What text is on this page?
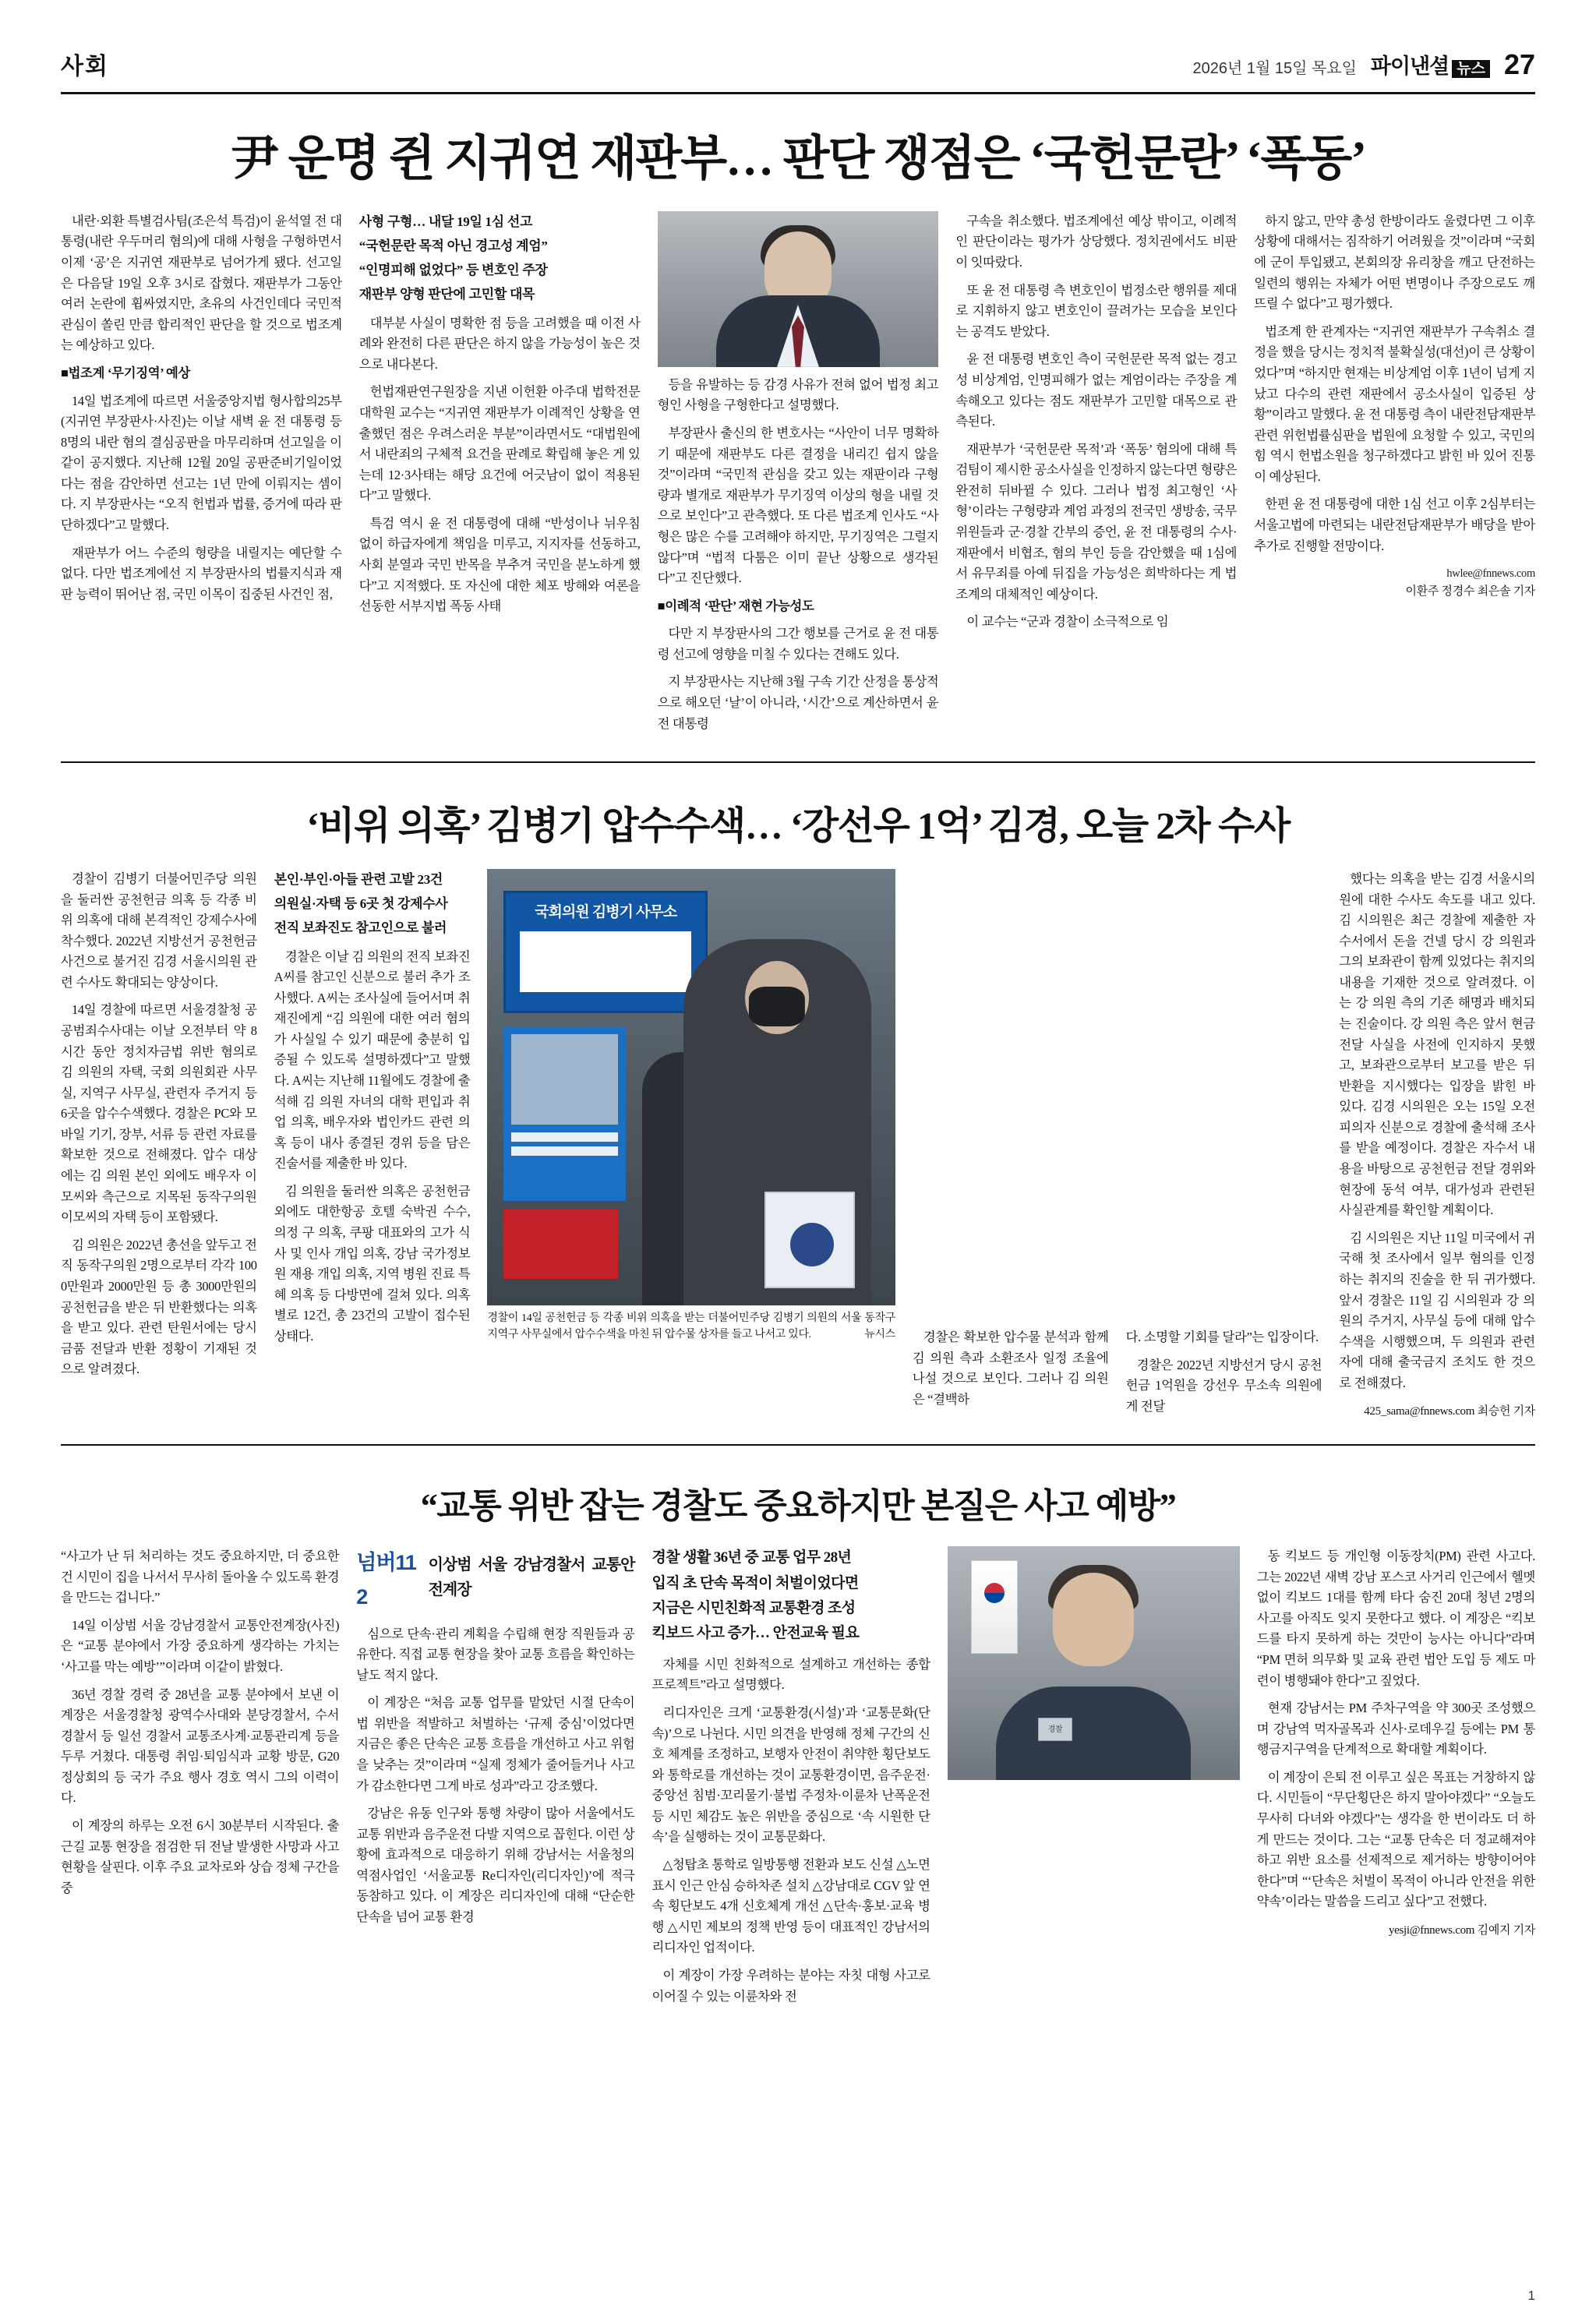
사회	2026년 1월 15일 목요일 파이낸셜 뉴스 27
尹 운명 쥔 지귀연 재판부… 판단 쟁점은 ‘국헌문란’ ‘폭동’

내란·외환 특별검사팀(조은석 특검)이 윤석열 전 대통령(내란 우두머리 혐의)에 대해 사형을 구형하면서 이제 ‘공’은 지귀연 재판부로 넘어가게 됐다. 선고일은 다음달 19일 오후 3시로 잡혔다. 재판부가 그동안 여러 논란에 휩싸였지만, 초유의 사건인데다 국민적 관심이 쏠린 만큼 합리적인 판단을 할 것으로 법조계는 예상하고 있다.

■법조계 ‘무기징역’ 예상

14일 법조계에 따르면 서울중앙지법 형사합의25부(지귀연 부장판사·사진)는 이날 새벽 윤 전 대통령 등 8명의 내란 혐의 결심공판을 마무리하며 선고일을 이 같이 공지했다. 지난해 12월 20일 공판준비기일이었다는 점을 감안하면 선고는 1년 만에 이뤄지는 셈이다. 지 부장판사는 “오직 헌법과 법률, 증거에 따라 판단하겠다”고 말했다.

재판부가 어느 수준의 형량을 내릴지는 예단할 수 없다. 다만 법조계에선 지 부장판사의 법률지식과 재판 능력이 뛰어난 점, 국민 이목이 집중된 사건인 점,

사형 구형… 내달 19일 1심 선고
“국헌문란 목적 아닌 경고성 계엄”
“인명피해 없었다” 등 변호인 주장
재판부 양형 판단에 고민할 대목

대부분 사실이 명확한 점 등을 고려했을 때 이전 사례와 완전히 다른 판단은 하지 않을 가능성이 높은 것으로 내다본다.

헌법재판연구원장을 지낸 이헌환 아주대 법학전문대학원 교수는 “지귀연 재판부가 이례적인 상황을 연출했던 점은 우려스러운 부분”이라면서도 “대법원에서 내란죄의 구체적 요건을 판례로 확립해 놓은 게 있는데 12·3사태는 해당 요건에 어긋남이 없이 적용된다”고 말했다.

특검 역시 윤 전 대통령에 대해 “반성이나 뉘우침 없이 하급자에게 책임을 미루고, 지지자를 선동하고, 사회 분열과 국민 반목을 부추겨 국민을 분노하게 했다”고 지적했다. 또 자신에 대한 체포 방해와 여론을 선동한 서부지법 폭동 사태

등을 유발하는 등 감경 사유가 전혀 없어 법정 최고형인 사형을 구형한다고 설명했다.

부장판사 출신의 한 변호사는 “사안이 너무 명확하기 때문에 재판부도 다른 결정을 내리긴 쉽지 않을 것”이라며 “국민적 관심을 갖고 있는 재판이라 구형량과 별개로 재판부가 무기징역 이상의 형을 내릴 것으로 보인다”고 관측했다. 또 다른 법조계 인사도 “사형은 많은 수를 고려해야 하지만, 무기징역은 그럴지 않다”며 “법적 다툼은 이미 끝난 상황으로 생각된다”고 진단했다.

■이례적 ‘판단’ 재현 가능성도

다만 지 부장판사의 그간 행보를 근거로 윤 전 대통령 선고에 영향을 미칠 수 있다는 견해도 있다.

지 부장판사는 지난해 3월 구속 기간 산정을 통상적으로 해오던 ‘날’이 아니라, ‘시간’으로 계산하면서 윤 전 대통령

구속을 취소했다. 법조계에선 예상 밖이고, 이례적인 판단이라는 평가가 상당했다. 정치권에서도 비판이 잇따랐다.

또 윤 전 대통령 측 변호인이 법정소란 행위를 제대로 지휘하지 않고 변호인이 끌려가는 모습을 보인다는 공격도 받았다.

윤 전 대통령 변호인 측이 국헌문란 목적 없는 경고성 비상계엄, 인명피해가 없는 계엄이라는 주장을 계속해오고 있다는 점도 재판부가 고민할 대목으로 관측된다.

재판부가 ‘국헌문란 목적’과 ‘폭동’ 혐의에 대해 특검팀이 제시한 공소사실을 인정하지 않는다면 형량은 완전히 뒤바뀔 수 있다. 그러나 법정 최고형인 ‘사형’이라는 구형량과 계엄 과정의 전국민 생방송, 국무위원들과 군·경찰 간부의 증언, 윤 전 대통령의 수사·재판에서 비협조, 혐의 부인 등을 감안했을 때 1심에서 유무죄를 아예 뒤집을 가능성은 희박하다는 게 법조계의 대체적인 예상이다.

이 교수는 “군과 경찰이 소극적으로 임

하지 않고, 만약 총성 한방이라도 울렸다면 그 이후 상황에 대해서는 짐작하기 어려웠을 것”이라며 “국회에 군이 투입됐고, 본회의장 유리창을 깨고 단전하는 일련의 행위는 자체가 어떤 변명이나 주장으로도 깨뜨릴 수 없다”고 평가했다.

법조계 한 관계자는 “지귀연 재판부가 구속취소 결정을 했을 당시는 정치적 불확실성(대선)이 큰 상황이었다”며 “하지만 현재는 비상계엄 이후 1년이 넘게 지났고 다수의 관련 재판에서 공소사실이 입증된 상황”이라고 말했다. 윤 전 대통령 측이 내란전담재판부 관련 위헌법률심판을 법원에 요청할 수 있고, 국민의힘 역시 헌법소원을 청구하겠다고 밝힌 바 있어 진통이 예상된다.

한편 윤 전 대통령에 대한 1심 선고 이후 2심부터는 서울고법에 마련되는 내란전담재판부가 배당을 받아 추가로 진행할 전망이다.

hwlee@fnnews.com
이환주 정경수 최은솔 기자
‘비위 의혹’ 김병기 압수수색… ‘강선우 1억’ 김경, 오늘 2차 수사

경찰이 김병기 더불어민주당 의원을 둘러싼 공천헌금 의혹 등 각종 비위 의혹에 대해 본격적인 강제수사에 착수했다. 2022년 지방선거 공천헌금 사건으로 불거진 김경 서울시의원 관련 수사도 확대되는 양상이다.

14일 경찰에 따르면 서울경찰청 공공범죄수사대는 이날 오전부터 약 8시간 동안 정치자금법 위반 혐의로 김 의원의 자택, 국회 의원회관 사무실, 지역구 사무실, 관련자 주거지 등 6곳을 압수수색했다. 경찰은 PC와 모바일 기기, 장부, 서류 등 관련 자료를 확보한 것으로 전해졌다. 압수 대상에는 김 의원 본인 외에도 배우자 이모씨와 측근으로 지목된 동작구의원 이모씨의 자택 등이 포함됐다.

김 의원은 2022년 총선을 앞두고 전직 동작구의원 2명으로부터 각각 1000만원과 2000만원 등 총 3000만원의 공천헌금을 받은 뒤 반환했다는 의혹을 받고 있다. 관련 탄원서에는 당시 금품 전달과 반환 정황이 기재된 것으로 알려졌다.

본인·부인·아들 관련 고발 23건
의원실·자택 등 6곳 첫 강제수사
전직 보좌진도 참고인으로 불러

경찰은 이날 김 의원의 전직 보좌진 A씨를 참고인 신분으로 불러 추가 조사했다. A씨는 조사실에 들어서며 취재진에게 “김 의원에 대한 여러 혐의가 사실일 수 있기 때문에 충분히 입증될 수 있도록 설명하겠다”고 말했다. A씨는 지난해 11월에도 경찰에 출석해 김 의원 자녀의 대학 편입과 취업 의혹, 배우자와 법인카드 관련 의혹 등이 내사 종결된 경위 등을 담은 진술서를 제출한 바 있다.

김 의원을 둘러싼 의혹은 공천헌금 외에도 대한항공 호텔 숙박권 수수, 의정 구 의혹, 쿠팡 대표와의 고가 식사 및 인사 개입 의혹, 강남 국가정보원 재용 개입 의혹, 지역 병원 진료 특혜 의혹 등 다방면에 걸쳐 있다. 의혹별로 12건, 총 23건의 고발이 접수된 상태다.

국회의원 김병기 사무소
경찰이 14일 공천헌금 등 각종 비위 의혹을 받는 더불어민주당 김병기 의원의 서울 동작구 지역구 사무실에서 압수수색을 마친 뒤 압수물 상자를 들고 나서고 있다.	뉴시스	경찰은 확보한 압수물 분석과 함께 김 의원 측과 소환조사 일정 조율에 나설 것으로 보인다. 그러나 김 의원은 “결백하

다. 소명할 기회를 달라”는 입장이다.

경찰은 2022년 지방선거 당시 공천헌금 1억원을 강선우 무소속 의원에게 전달

했다는 의혹을 받는 김경 서울시의원에 대한 수사도 속도를 내고 있다. 김 시의원은 최근 경찰에 제출한 자수서에서 돈을 건넬 당시 강 의원과 그의 보좌관이 함께 있었다는 취지의 내용을 기재한 것으로 알려졌다. 이는 강 의원 측의 기존 해명과 배치되는 진술이다. 강 의원 측은 앞서 현금 전달 사실을 사전에 인지하지 못했고, 보좌관으로부터 보고를 받은 뒤 반환을 지시했다는 입장을 밝힌 바 있다. 김경 시의원은 오는 15일 오전 피의자 신분으로 경찰에 출석해 조사를 받을 예정이다. 경찰은 자수서 내용을 바탕으로 공천헌금 전달 경위와 현장에 동석 여부, 대가성과 관련된 사실관계를 확인할 계획이다.

김 시의원은 지난 11일 미국에서 귀국해 첫 조사에서 일부 혐의를 인정하는 취지의 진술을 한 뒤 귀가했다. 앞서 경찰은 11일 김 시의원과 강 의원의 주거지, 사무실 등에 대해 압수수색을 시행했으며, 두 의원과 관련자에 대해 출국금지 조치도 한 것으로 전해졌다.

425_sama@fnnews.com 최승헌 기자
“교통 위반 잡는 경찰도 중요하지만 본질은 사고 예방”

“사고가 난 뒤 처리하는 것도 중요하지만, 더 중요한 건 시민이 집을 나서서 무사히 돌아올 수 있도록 환경을 만드는 겁니다.”

14일 이상범 서울 강남경찰서 교통안전계장(사진)은 “교통 분야에서 가장 중요하게 생각하는 가치는 ‘사고를 막는 예방’”이라며 이같이 밝혔다.

36년 경찰 경력 중 28년을 교통 분야에서 보낸 이 계장은 서울경찰청 광역수사대와 분당경찰서, 수서경찰서 등 일선 경찰서 교통조사계·교통관리계 등을 두루 거쳤다. 대통령 취임·퇴임식과 교황 방문, G20 정상회의 등 국가 주요 행사 경호 역시 그의 이력이다.

이 계장의 하루는 오전 6시 30분부터 시작된다. 출근길 교통 현장을 점검한 뒤 전날 발생한 사망과 사고 현황을 살핀다. 이후 주요 교차로와 상습 정체 구간을 중

넘버112
이상범 서울 강남경찰서 교통안전계장

심으로 단속·관리 계획을 수립해 현장 직원들과 공유한다. 직접 교통 현장을 찾아 교통 흐름을 확인하는 날도 적지 않다.

이 계장은 “처음 교통 업무를 맡았던 시절 단속이 법 위반을 적발하고 처벌하는 ‘규제 중심’이었다면 지금은 좋은 단속은 교통 흐름을 개선하고 사고 위험을 낮추는 것”이라며 “실제 정체가 줄어들거나 사고가 감소한다면 그게 바로 성과”라고 강조했다.

강남은 유동 인구와 통행 차량이 많아 서울에서도 교통 위반과 음주운전 다발 지역으로 꼽힌다. 이런 상황에 효과적으로 대응하기 위해 강남서는 서울청의 역점사업인 ‘서울교통 Re디자인(리디자인)’에 적극 동참하고 있다. 이 계장은 리디자인에 대해 “단순한 단속을 넘어 교통 환경

경찰 생활 36년 중 교통 업무 28년
입직 초 단속 목적이 처벌이었다면
지금은 시민친화적 교통환경 조성
킥보드 사고 증가… 안전교육 필요

자체를 시민 친화적으로 설계하고 개선하는 종합 프로젝트”라고 설명했다.

리디자인은 크게 ‘교통환경(시설)’과 ‘교통문화(단속)’으로 나뉜다. 시민 의견을 반영해 정체 구간의 신호 체계를 조정하고, 보행자 안전이 취약한 횡단보도와 통학로를 개선하는 것이 교통환경이면, 음주운전·중앙선 침범·꼬리물기·불법 주정차·이륜차 난폭운전 등 시민 체감도 높은 위반을 중심으로 ‘속 시원한 단속’을 실행하는 것이 교통문화다.

△청탑초 통학로 일방통행 전환과 보도 신설 △노면표시 인근 안심 승하차존 설치 △강남대로 CGV 앞 연속 횡단보도 4개 신호체계 개선 △단속·홍보·교육 병행 △시민 제보의 정책 반영 등이 대표적인 강남서의 리디자인 업적이다.

이 계장이 가장 우려하는 분야는 자칫 대형 사고로 이어질 수 있는 이륜차와 전

경찰

동 킥보드 등 개인형 이동장치(PM) 관련 사고다. 그는 2022년 새벽 강남 포스코 사거리 인근에서 헬멧 없이 킥보드 1대를 함께 타다 숨진 20대 청년 2명의 사고를 아직도 잊지 못한다고 했다. 이 계장은 “킥보드를 타지 못하게 하는 것만이 능사는 아니다”라며 “PM 면허 의무화 및 교육 관련 법안 도입 등 제도 마련이 병행돼야 한다”고 짚었다.

현재 강남서는 PM 주차구역을 약 300곳 조성했으며 강남역 먹자골목과 신사·로데우길 등에는 PM 통행금지구역을 단계적으로 확대할 계획이다.

이 계장이 은퇴 전 이루고 싶은 목표는 거창하지 않다. 시민들이 “무단횡단은 하지 말아야겠다” “오늘도 무사히 다녀와 야겠다”는 생각을 한 번이라도 더 하게 만드는 것이다. 그는 “교통 단속은 더 정교해져야 하고 위반 요소를 선제적으로 제거하는 방향이어야 한다”며 “‘단속은 처벌이 목적이 아니라 안전을 위한 약속’이라는 말씀을 드리고 싶다”고 전했다.

yesji@fnnews.com 김예지 기자
1
